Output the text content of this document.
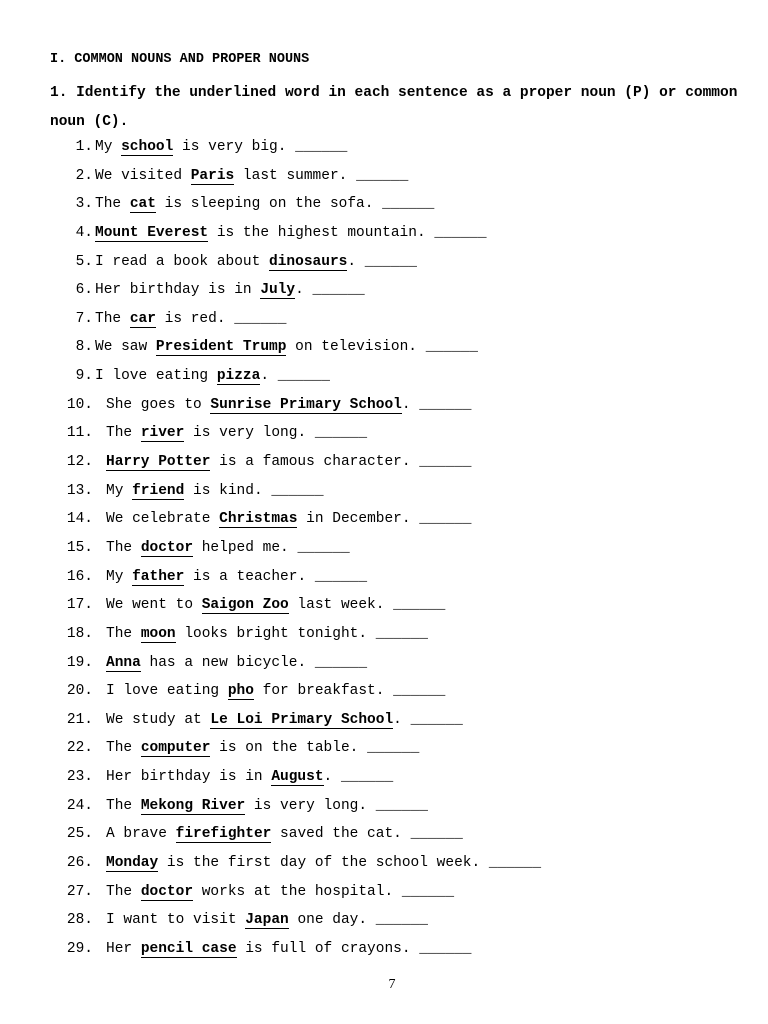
I. COMMON NOUNS AND PROPER NOUNS
1. Identify the underlined word in each sentence as a proper noun (P) or common noun (C).
1. My school is very big. ______
2. We visited Paris last summer. ______
3. The cat is sleeping on the sofa. ______
4. Mount Everest is the highest mountain. ______
5. I read a book about dinosaurs. ______
6. Her birthday is in July. ______
7. The car is red. ______
8. We saw President Trump on television. ______
9. I love eating pizza. ______
10. She goes to Sunrise Primary School. ______
11. The river is very long. ______
12. Harry Potter is a famous character. ______
13. My friend is kind. ______
14. We celebrate Christmas in December. ______
15. The doctor helped me. ______
16. My father is a teacher. ______
17. We went to Saigon Zoo last week. ______
18. The moon looks bright tonight. ______
19. Anna has a new bicycle. ______
20. I love eating pho for breakfast. ______
21. We study at Le Loi Primary School. ______
22. The computer is on the table. ______
23. Her birthday is in August. ______
24. The Mekong River is very long. ______
25. A brave firefighter saved the cat. ______
26. Monday is the first day of the school week. ______
27. The doctor works at the hospital. ______
28. I want to visit Japan one day. ______
29. Her pencil case is full of crayons. ______
7
